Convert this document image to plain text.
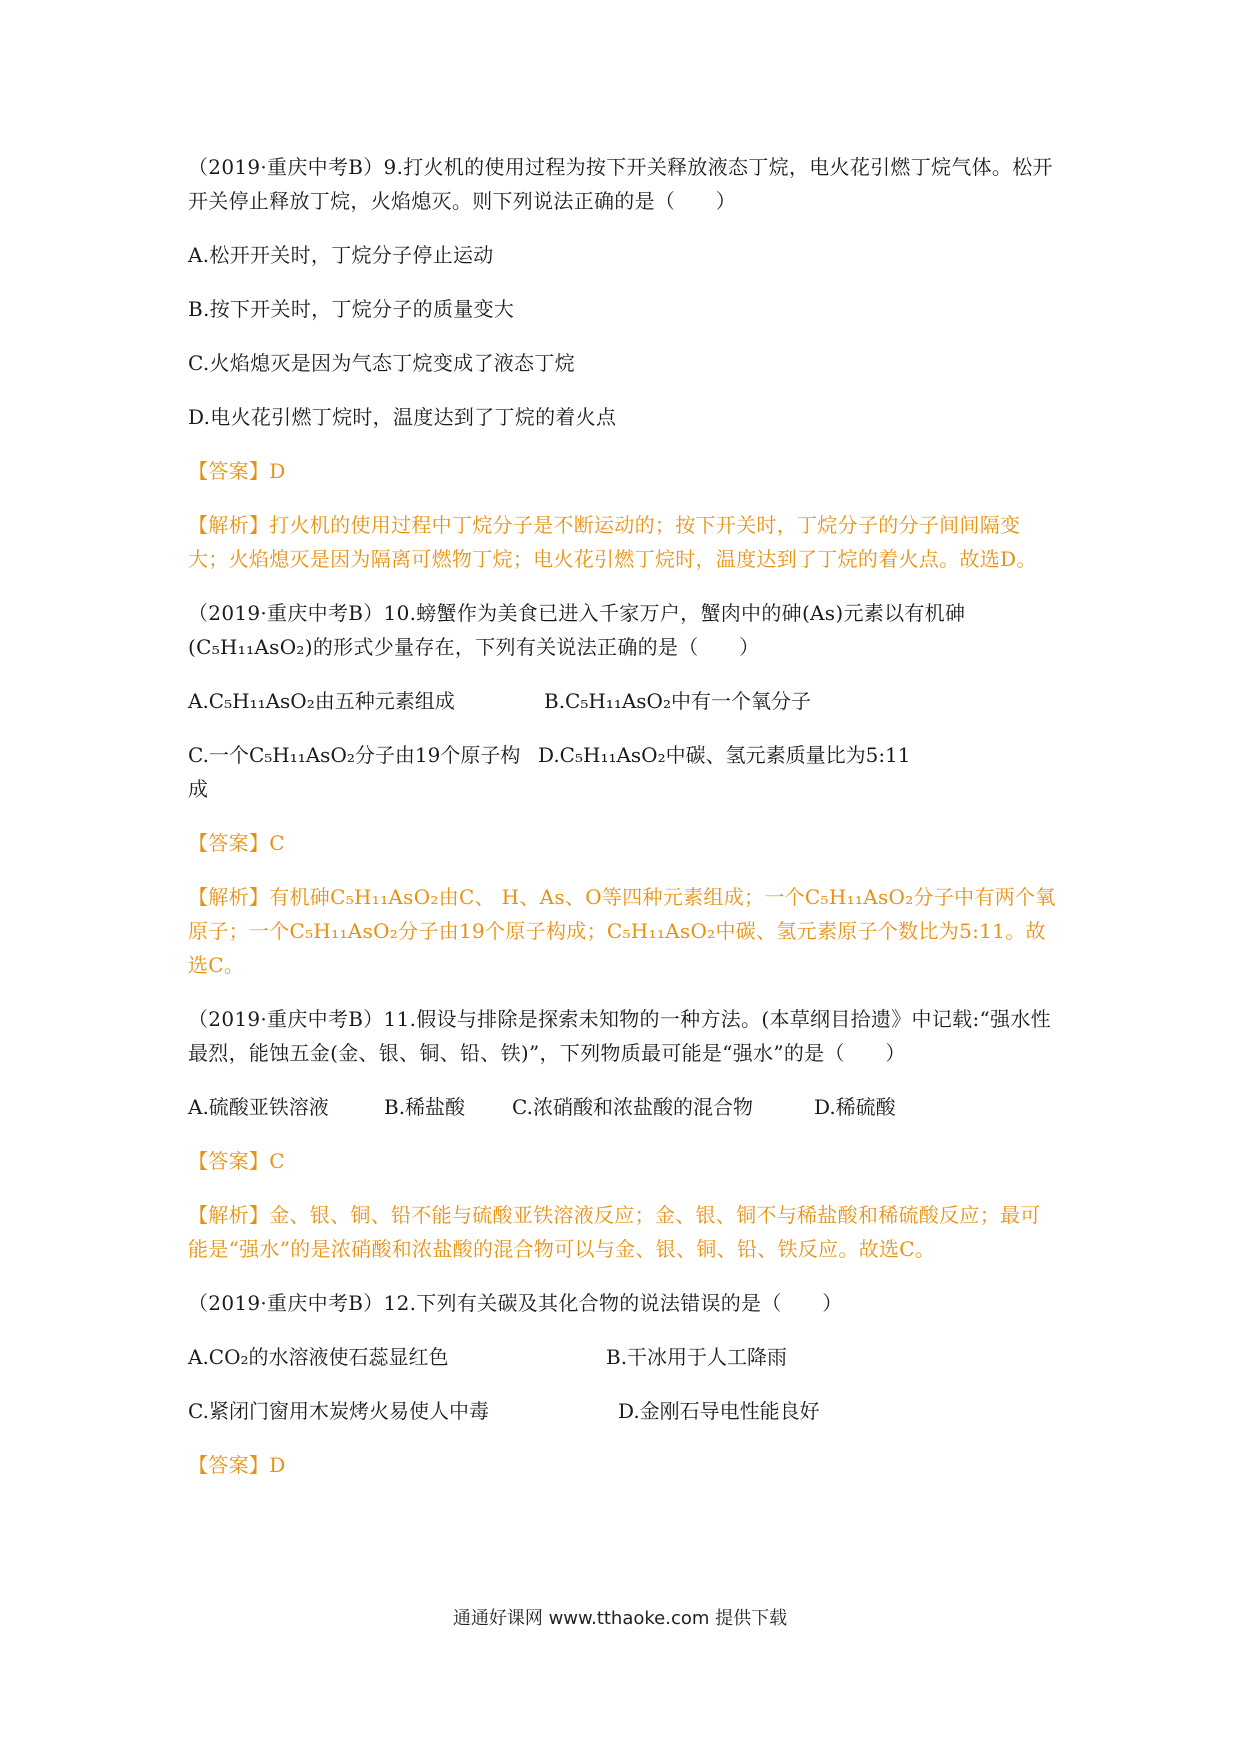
（2019·重庆中考B）9.打火机的使用过程为按下开关释放液态丁烷，电火花引燃丁烷气体。松开开关停止释放丁烷，火焰熄灭。则下列说法正确的是（　　）

A.松开开关时，丁烷分子停止运动

B.按下开关时，丁烷分子的质量变大

C.火焰熄灭是因为气态丁烷变成了液态丁烷

D.电火花引燃丁烷时，温度达到了丁烷的着火点

【答案】D

【解析】打火机的使用过程中丁烷分子是不断运动的；按下开关时，丁烷分子的分子间间隔变大；火焰熄灭是因为隔离可燃物丁烷；电火花引燃丁烷时，温度达到了丁烷的着火点。故选D。

（2019·重庆中考B）10.螃蟹作为美食已进入千家万户，蟹肉中的砷(As)元素以有机砷(C₅H₁₁AsO₂)的形式少量存在，下列有关说法正确的是（　　）

A.C₅H₁₁AsO₂由五种元素组成	B.C₅H₁₁AsO₂中有一个氧分子
C.一个C₅H₁₁AsO₂分子由19个原子构成
D.C₅H₁₁AsO₂中碳、氢元素质量比为5:11

【答案】C

【解析】有机砷C₅H₁₁AsO₂由C、 H、As、O等四种元素组成；一个C₅H₁₁AsO₂分子中有两个氧原子；一个C₅H₁₁AsO₂分子由19个原子构成；C₅H₁₁AsO₂中碳、氢元素原子个数比为5:11。故选C。

（2019·重庆中考B）11.假设与排除是探索未知物的一种方法。(本草纲目拾遗》中记载:“强水性最烈，能蚀五金(金、银、铜、铅、铁)”，下列物质最可能是“强水”的是（　　）

A.硫酸亚铁溶液	B.稀盐酸	C.浓硝酸和浓盐酸的混合物	D.稀硫酸

【答案】C

【解析】金、银、铜、铅不能与硫酸亚铁溶液反应；金、银、铜不与稀盐酸和稀硫酸反应；最可能是“强水”的是浓硝酸和浓盐酸的混合物可以与金、银、铜、铅、铁反应。故选C。

（2019·重庆中考B）12.下列有关碳及其化合物的说法错误的是（　　）

A.CO₂的水溶液使石蕊显红色	B.干冰用于人工降雨
C.紧闭门窗用木炭烤火易使人中毒	D.金刚石导电性能良好

【答案】D

通通好课网 www.tthaoke.com 提供下载
